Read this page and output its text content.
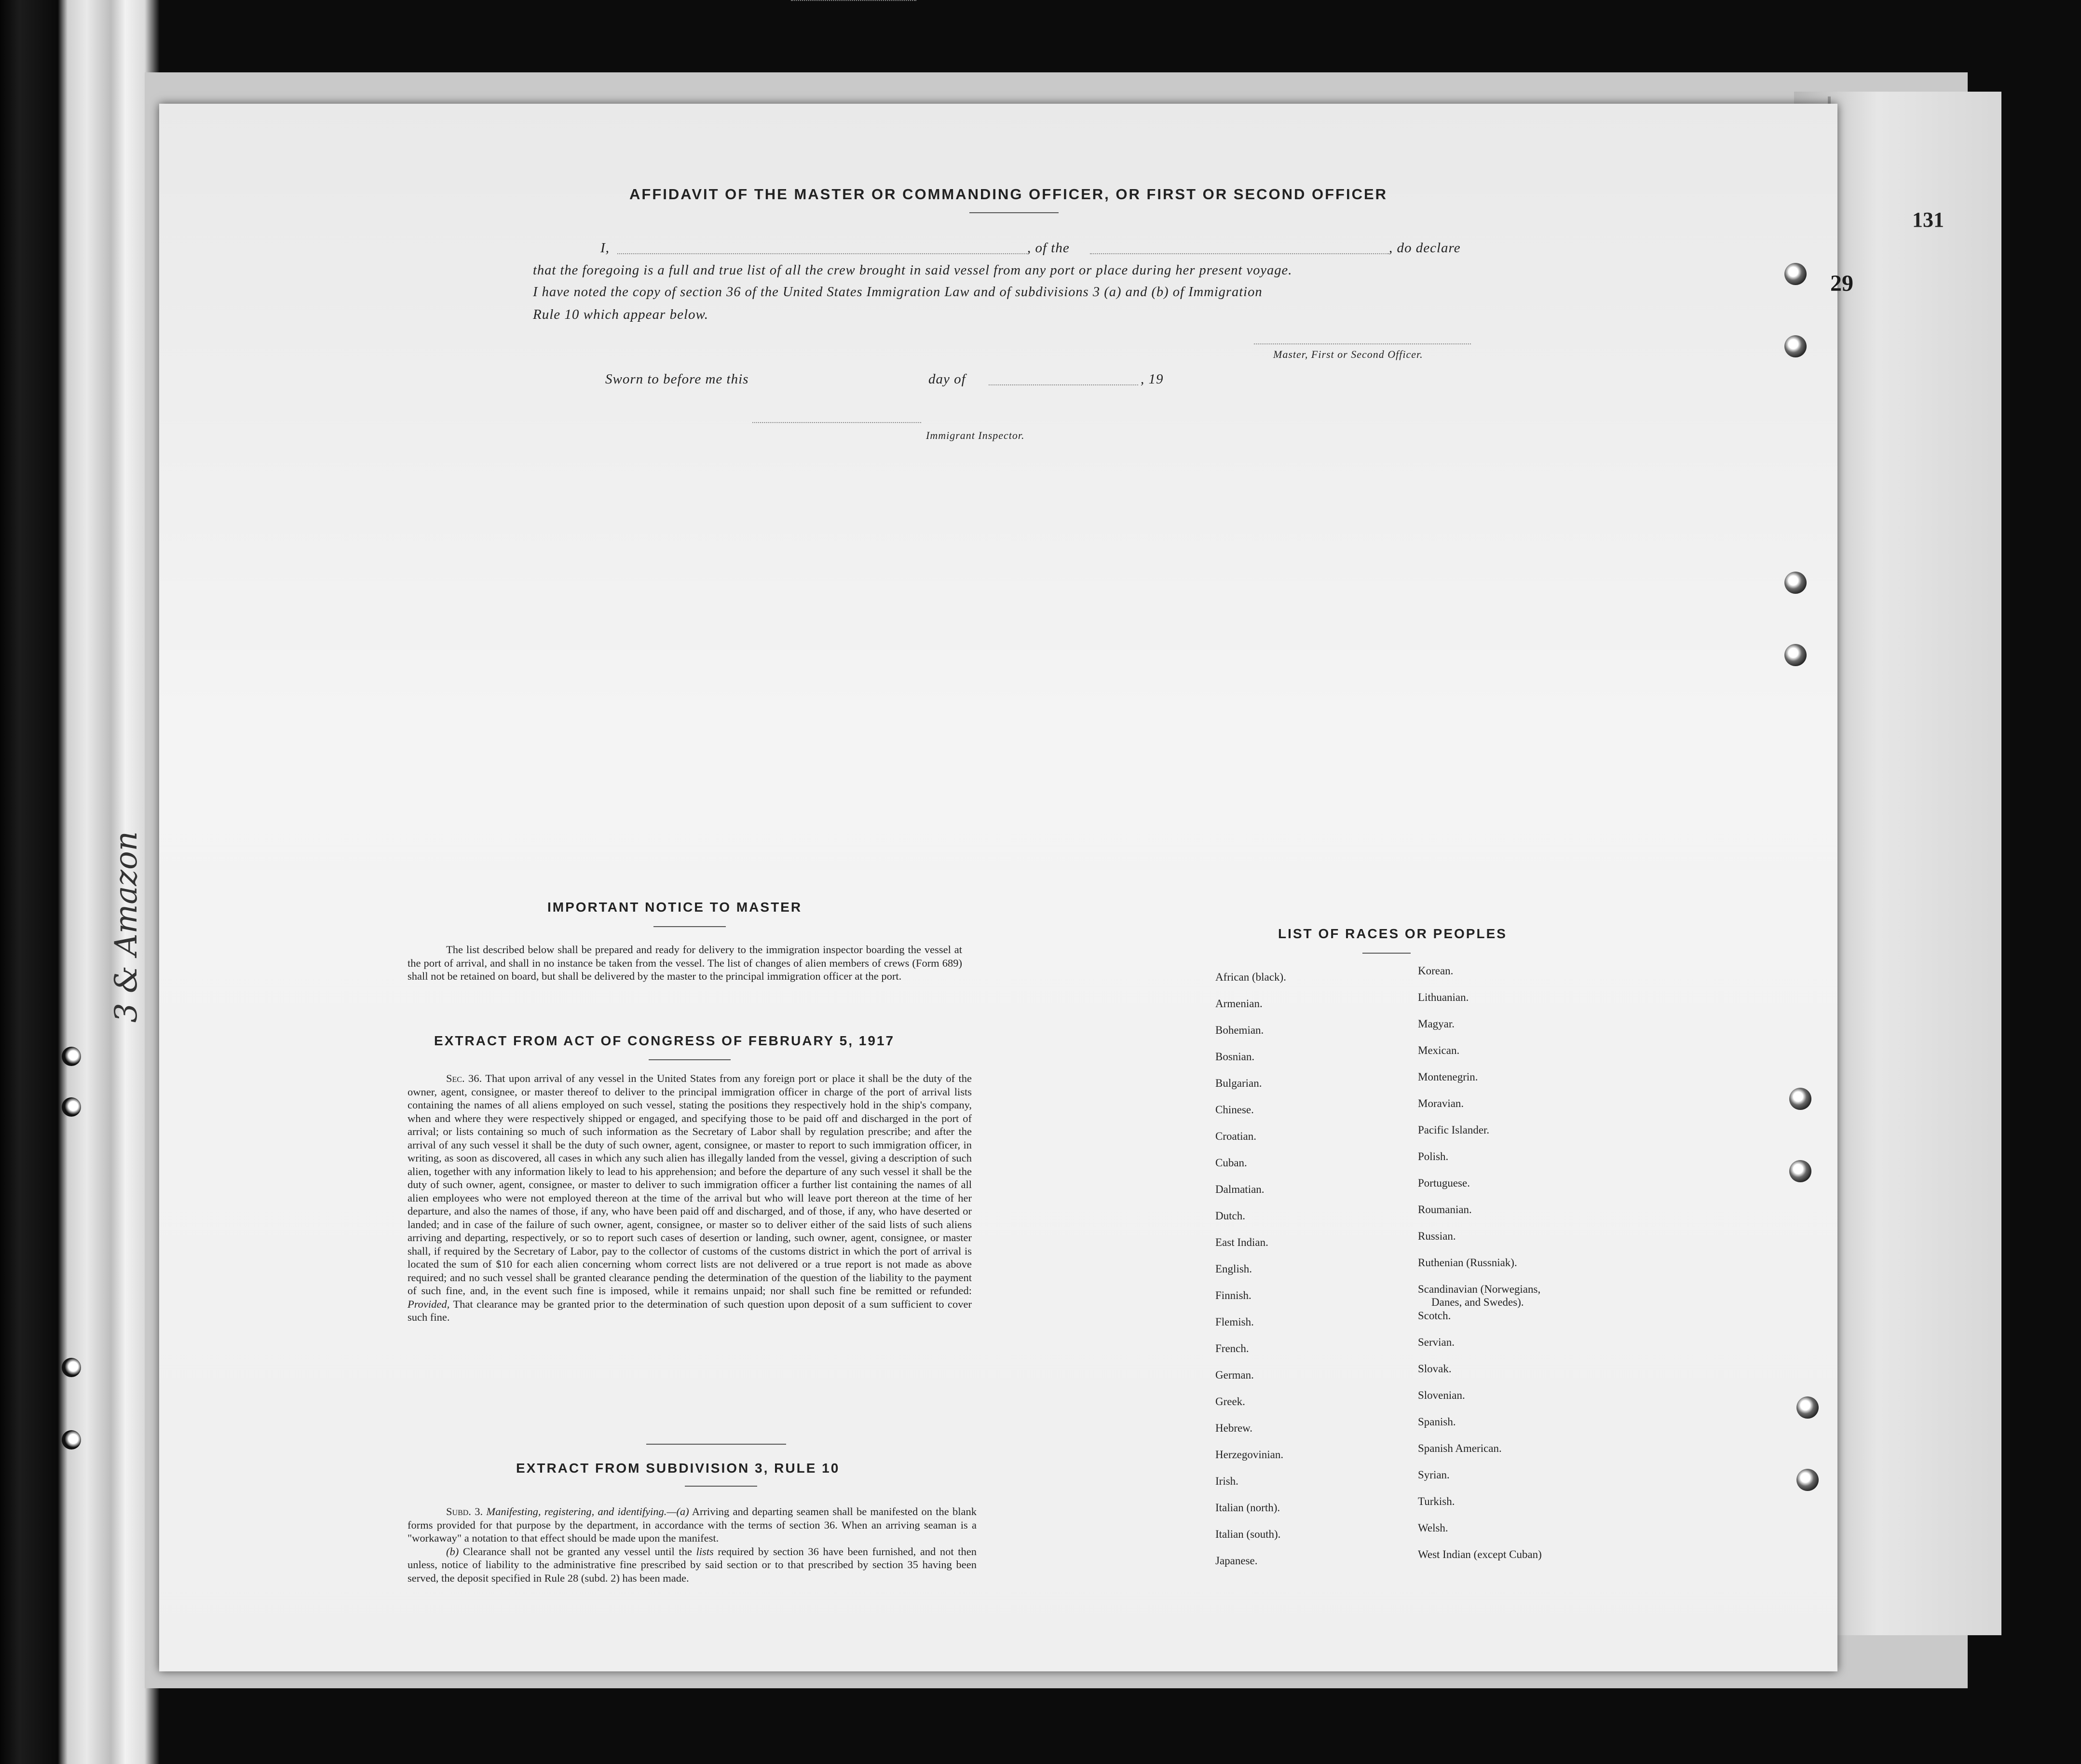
131
3 & Amazon
29
AFFIDAVIT OF THE MASTER OR COMMANDING OFFICER, OR FIRST OR SECOND OFFICER
I,	, of the	, do declare
that the foregoing is a full and true list of all the crew brought in said vessel from any port or place during her present voyage.
I have noted the copy of section 36 of the United States Immigration Law and of subdivisions 3 (a) and (b) of Immigration
Rule 10 which appear below.
Master, First or Second Officer.
Sworn to before me this	day of	, 19
Immigrant Inspector.
IMPORTANT NOTICE TO MASTER

The list described below shall be prepared and ready for delivery to the immigration inspector boarding the vessel at the port of arrival, and shall in no instance be taken from the vessel. The list of changes of alien members of crews (Form 689) shall not be retained on board, but shall be delivered by the master to the principal immigration officer at the port.

EXTRACT FROM ACT OF CONGRESS OF FEBRUARY 5, 1917

Sec. 36. That upon arrival of any vessel in the United States from any foreign port or place it shall be the duty of the owner, agent, consignee, or master thereof to deliver to the principal immigration officer in charge of the port of arrival lists containing the names of all aliens employed on such vessel, stating the positions they respectively hold in the ship's company, when and where they were respectively shipped or engaged, and specifying those to be paid off and discharged in the port of arrival; or lists containing so much of such information as the Secretary of Labor shall by regulation prescribe; and after the arrival of any such vessel it shall be the duty of such owner, agent, consignee, or master to report to such immigration officer, in writing, as soon as discovered, all cases in which any such alien has illegally landed from the vessel, giving a description of such alien, together with any information likely to lead to his apprehension; and before the departure of any such vessel it shall be the duty of such owner, agent, consignee, or master to deliver to such immigration officer a further list containing the names of all alien employees who were not employed thereon at the time of the arrival but who will leave port thereon at the time of her departure, and also the names of those, if any, who have been paid off and discharged, and of those, if any, who have deserted or landed; and in case of the failure of such owner, agent, consignee, or master so to deliver either of the said lists of such aliens arriving and departing, respectively, or so to report such cases of desertion or landing, such owner, agent, consignee, or master shall, if required by the Secretary of Labor, pay to the collector of customs of the customs district in which the port of arrival is located the sum of $10 for each alien concerning whom correct lists are not delivered or a true report is not made as above required; and no such vessel shall be granted clearance pending the determination of the question of the liability to the payment of such fine, and, in the event such fine is imposed, while it remains unpaid; nor shall such fine be remitted or refunded: Provided, That clearance may be granted prior to the determination of such question upon deposit of a sum sufficient to cover such fine.

EXTRACT FROM SUBDIVISION 3, RULE 10

Subd. 3. Manifesting, registering, and identifying.—(a) Arriving and departing seamen shall be manifested on the blank forms provided for that purpose by the department, in accordance with the terms of section 36. When an arriving seaman is a "workaway" a notation to that effect should be made upon the manifest.

(b) Clearance shall not be granted any vessel until the lists required by section 36 have been furnished, and not then unless, notice of liability to the administrative fine prescribed by said section or to that prescribed by section 35 having been served, the deposit specified in Rule 28 (subd. 2) has been made.

LIST OF RACES OR PEOPLES
African (black).
Armenian.
Bohemian.
Bosnian.
Bulgarian.
Chinese.
Croatian.
Cuban.
Dalmatian.
Dutch.
East Indian.
English.
Finnish.
Flemish.
French.
German.
Greek.
Hebrew.
Herzegovinian.
Irish.
Italian (north).
Italian (south).
Japanese.
Korean.
Lithuanian.
Magyar.
Mexican.
Montenegrin.
Moravian.
Pacific Islander.
Polish.
Portuguese.
Roumanian.
Russian.
Ruthenian (Russniak).
Scandinavian (Norwegians,
Scotch.
Servian.
Slovak.
Slovenian.
Spanish.
Spanish American.
Syrian.
Turkish.
Welsh.
West Indian (except Cuban)
Danes, and Swedes).
